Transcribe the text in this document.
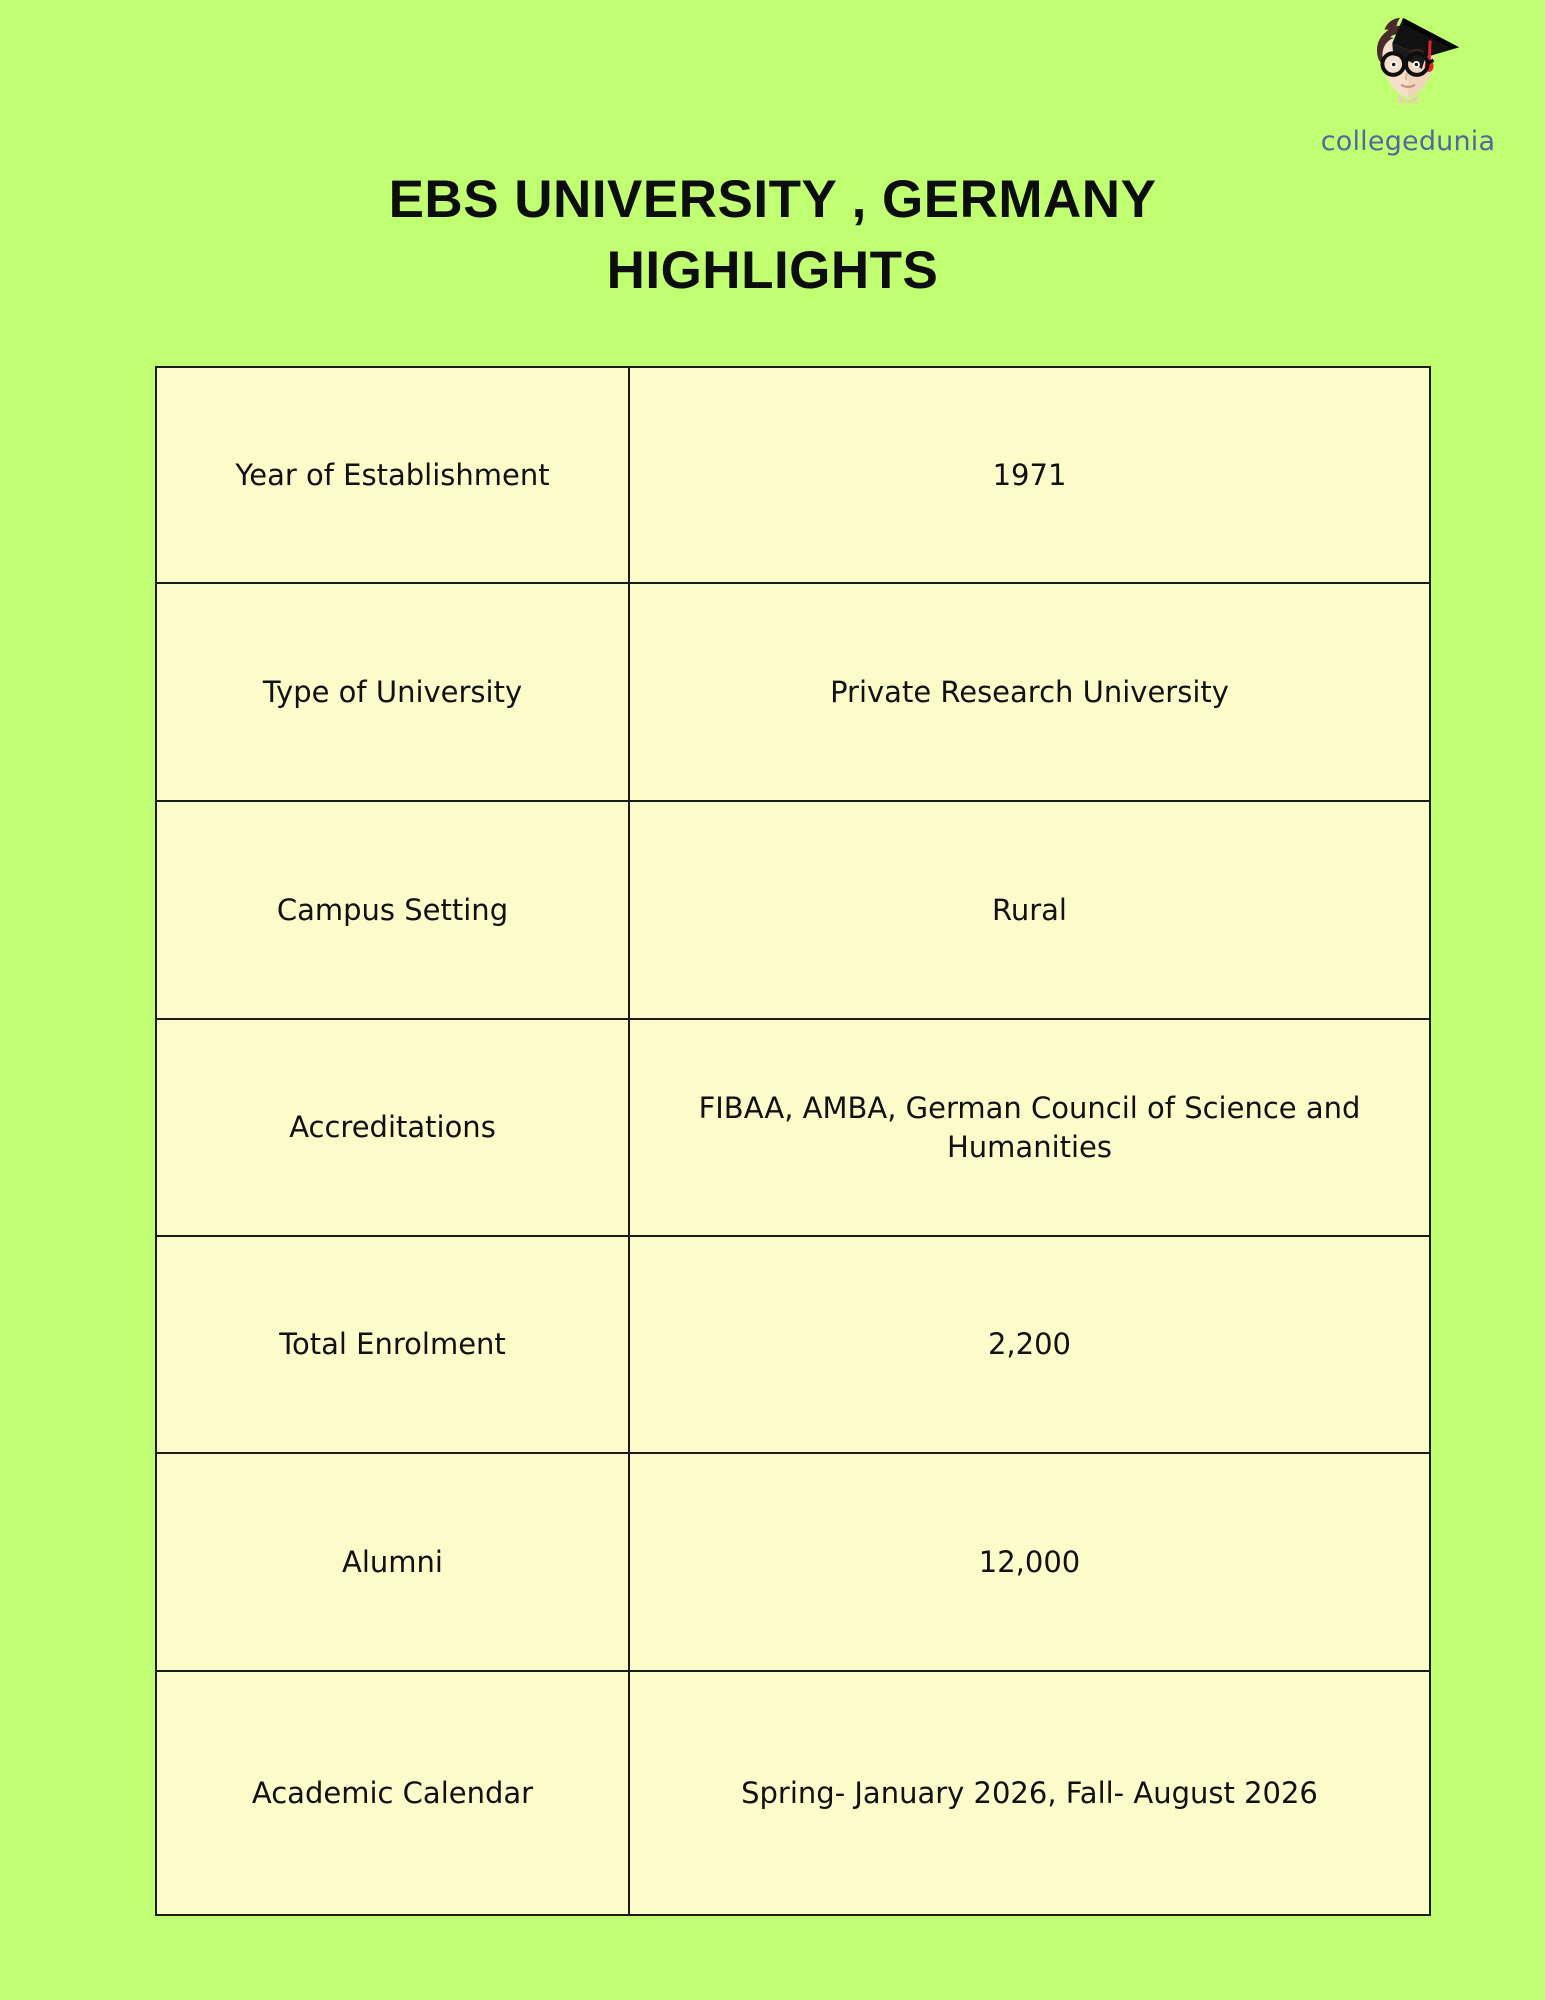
collegedunia
EBS UNIVERSITY , GERMANY HIGHLIGHTS
Year of Establishment	1971
Type of University	Private Research University
Campus Setting	Rural
Accreditations	FIBAA, AMBA, German Council of Science and Humanities
Total Enrolment	2,200
Alumni	12,000
Academic Calendar	Spring- January 2026, Fall- August 2026
